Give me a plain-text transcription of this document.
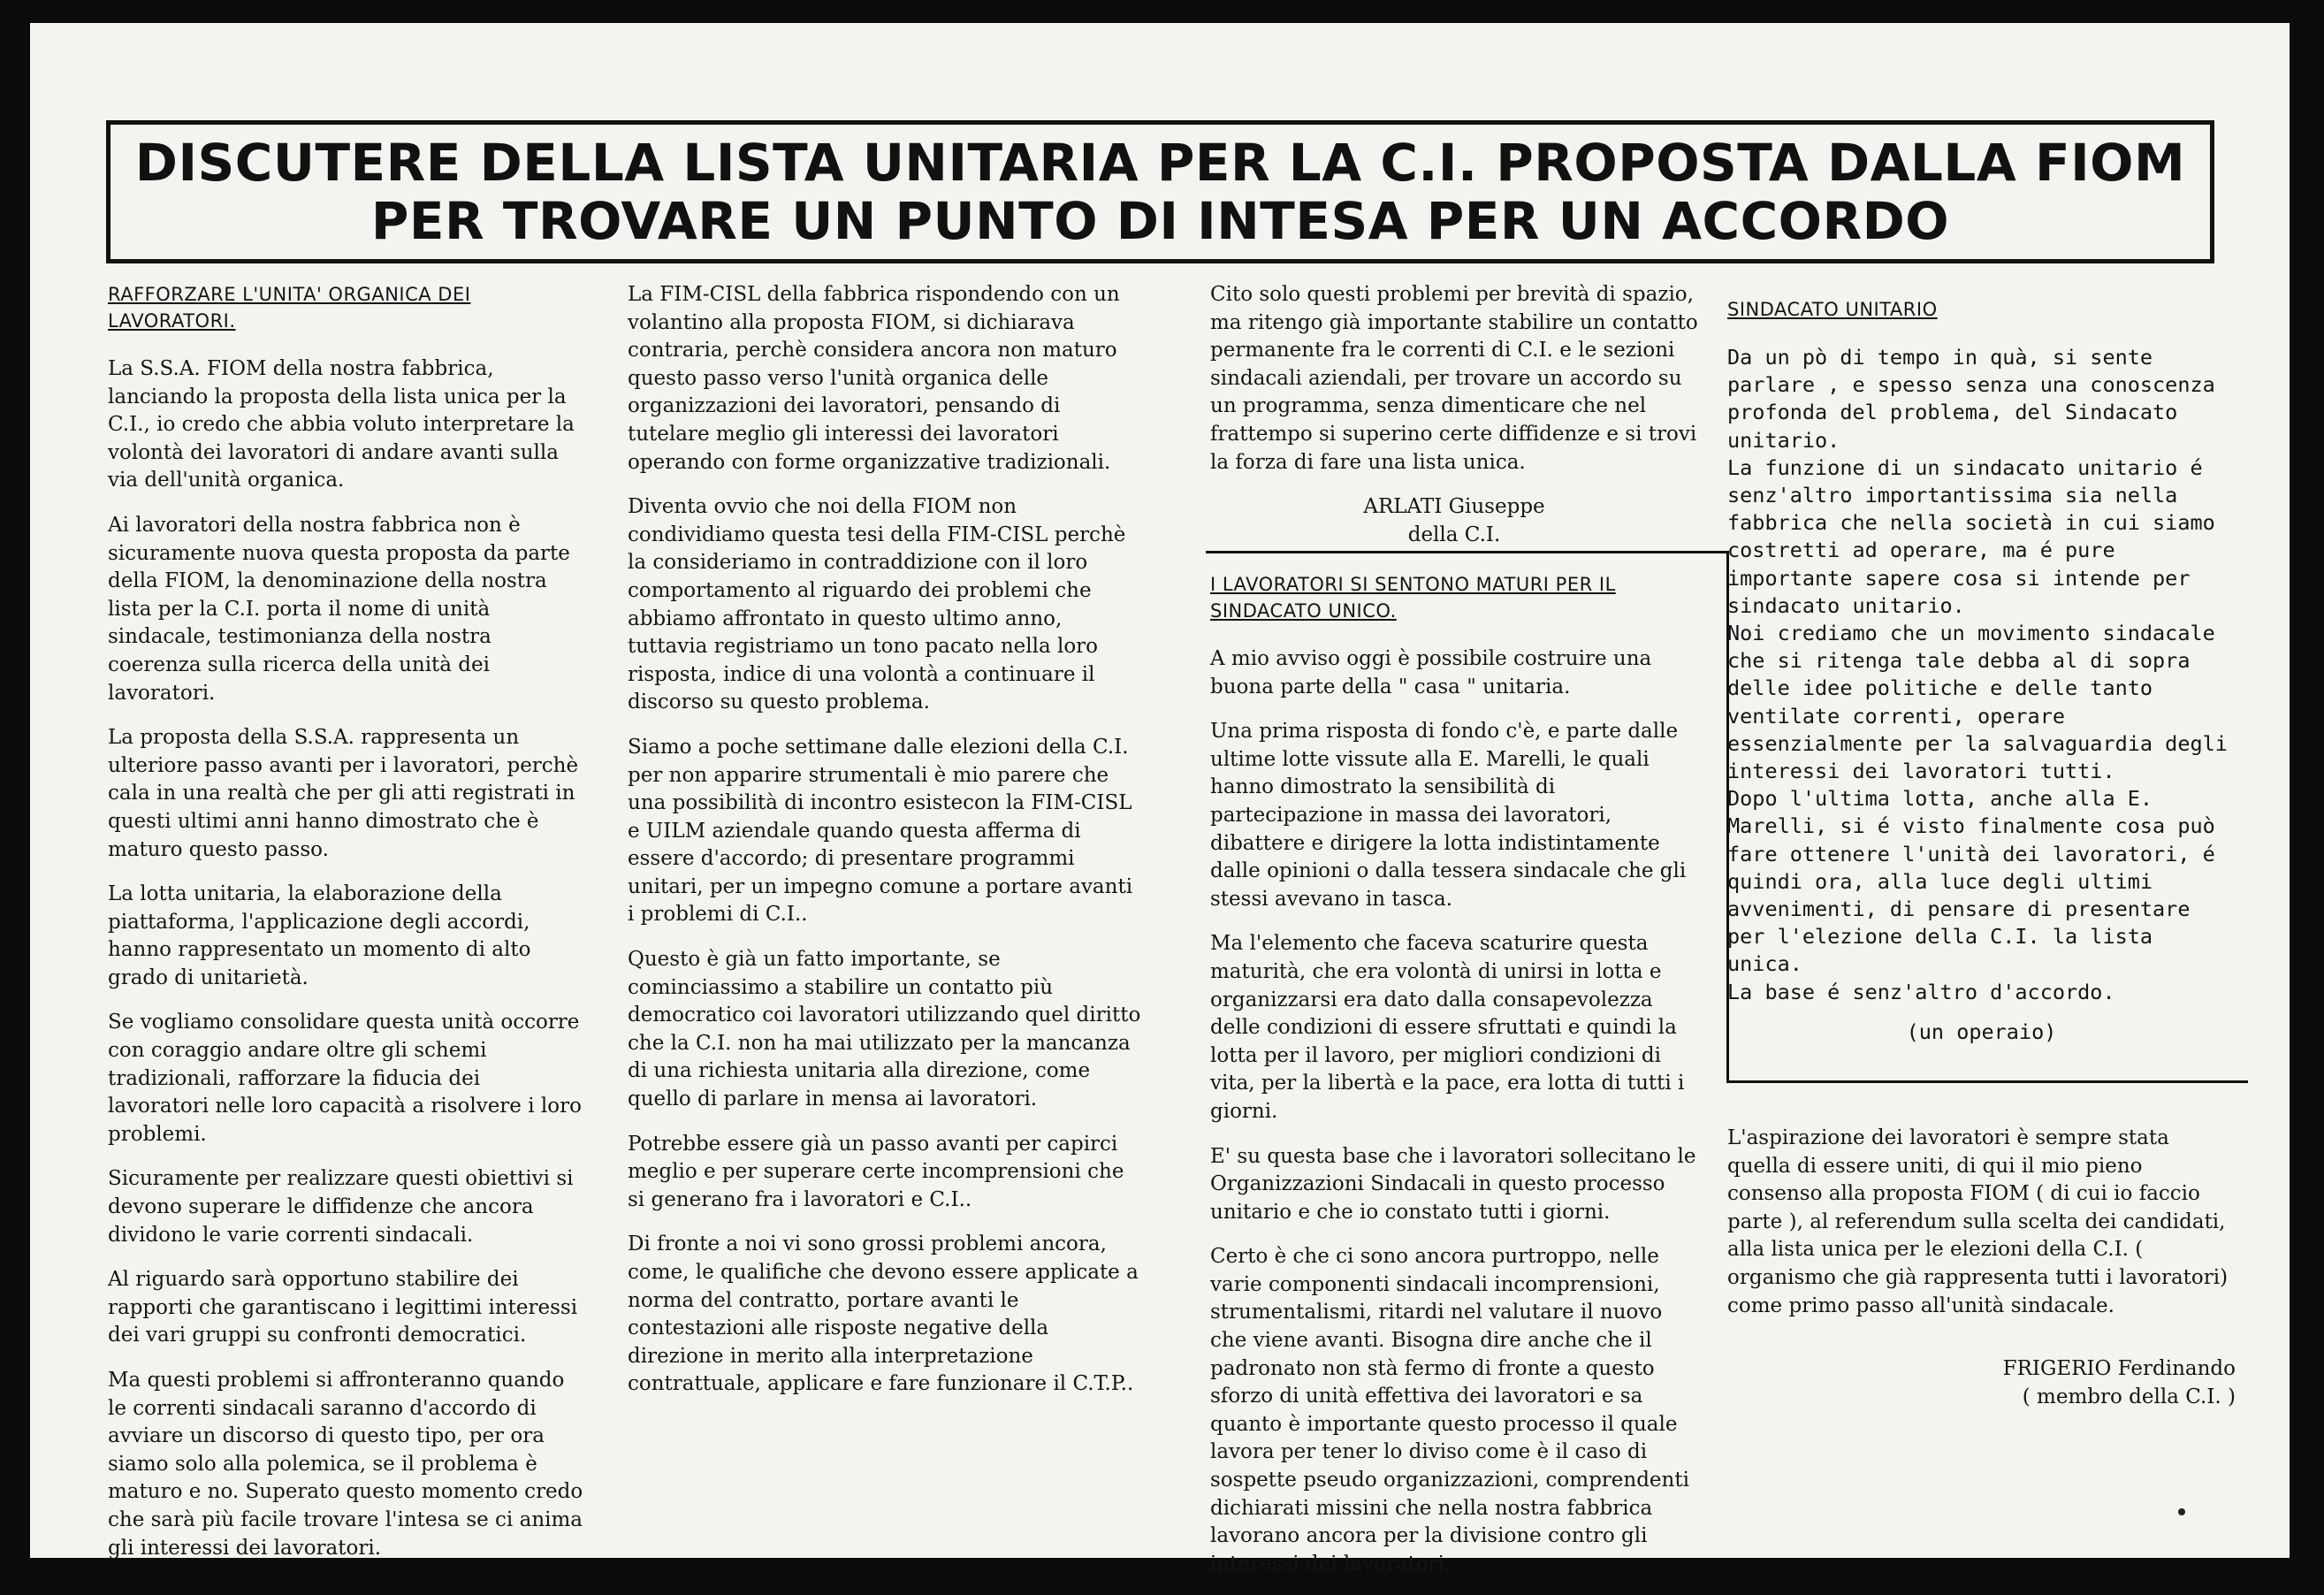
DISCUTERE DELLA LISTA UNITARIA PER LA C.I. PROPOSTA DALLA FIOM
PER TROVARE UN PUNTO DI INTESA PER UN ACCORDO
RAFFORZARE L'UNITA' ORGANICA DEI LAVORATORI.

La S.S.A. FIOM della nostra fabbrica, lanciando la proposta della lista unica per la C.I., io credo che abbia voluto interpretare la volontà dei lavoratori di andare avanti sulla via dell'unità organica.

Ai lavoratori della nostra fabbrica non è sicuramente nuova questa proposta da parte della FIOM, la denominazione della nostra lista per la C.I. porta il nome di unità sindacale, testimonianza della nostra coerenza sulla ricerca della unità dei lavoratori.

La proposta della S.S.A. rappresenta un ulteriore passo avanti per i lavoratori, perchè cala in una realtà che per gli atti registrati in questi ultimi anni hanno dimostrato che è maturo questo passo.

La lotta unitaria, la elaborazione della piattaforma, l'applicazione degli accordi, hanno rappresentato un momento di alto grado di unitarietà.

Se vogliamo consolidare questa unità occorre con coraggio andare oltre gli schemi tradizionali, rafforzare la fiducia dei lavoratori nelle loro capacità a risolvere i loro problemi.

Sicuramente per realizzare questi obiettivi si devono superare le diffidenze che ancora dividono le varie correnti sindacali.

Al riguardo sarà opportuno stabilire dei rapporti che garantiscano i legittimi interessi dei vari gruppi su confronti democratici.

Ma questi problemi si affronteranno quando le correnti sindacali saranno d'accordo di avviare un discorso di questo tipo, per ora siamo solo alla polemica, se il problema è maturo e no. Superato questo momento credo che sarà più facile trovare l'intesa se ci anima gli interessi dei lavoratori.

La FIM-CISL della fabbrica rispondendo con un volantino alla proposta FIOM, si dichiarava contraria, perchè considera ancora non maturo questo passo verso l'unità organica delle organizzazioni dei lavoratori, pensando di tutelare meglio gli interessi dei lavoratori operando con forme organizzative tradizionali.

Diventa ovvio che noi della FIOM non condividiamo questa tesi della FIM-CISL perchè la consideriamo in contraddizione con il loro comportamento al riguardo dei problemi che abbiamo affrontato in questo ultimo anno, tuttavia registriamo un tono pacato nella loro risposta, indice di una volontà a continuare il discorso su questo problema.

Siamo a poche settimane dalle elezioni della C.I. per non apparire strumentali è mio parere che una possibilità di incontro esistecon la FIM-CISL e UILM aziendale quando questa afferma di essere d'accordo; di presentare programmi unitari, per un impegno comune a portare avanti i problemi di C.I..

Questo è già un fatto importante, se cominciassimo a stabilire un contatto più democratico coi lavoratori utilizzando quel diritto che la C.I. non ha mai utilizzato per la mancanza di una richiesta unitaria alla direzione, come quello di parlare in mensa ai lavoratori.

Potrebbe essere già un passo avanti per capirci meglio e per superare certe incomprensioni che si generano fra i lavoratori e C.I..

Di fronte a noi vi sono grossi problemi ancora, come, le qualifiche che devono essere applicate a norma del contratto, portare avanti le contestazioni alle risposte negative della direzione in merito alla interpretazione contrattuale, applicare e fare funzionare il C.T.P..

Cito solo questi problemi per brevità di spazio, ma ritengo già importante stabilire un contatto permanente fra le correnti di C.I. e le sezioni sindacali aziendali, per trovare un accordo su un programma, senza dimenticare che nel frattempo si superino certe diffidenze e si trovi la forza di fare una lista unica.

ARLATI Giuseppe
della C.I.
I LAVORATORI SI SENTONO MATURI PER IL SINDACATO UNICO.

A mio avviso oggi è possibile costruire una buona parte della " casa " unitaria.

Una prima risposta di fondo c'è, e parte dalle ultime lotte vissute alla E. Marelli, le quali hanno dimostrato la sensibilità di partecipazione in massa dei lavoratori, dibattere e dirigere la lotta indistintamente dalle opinioni o dalla tessera sindacale che gli stessi avevano in tasca.

Ma l'elemento che faceva scaturire questa maturità, che era volontà di unirsi in lotta e organizzarsi era dato dalla consapevolezza delle condizioni di essere sfruttati e quindi la lotta per il lavoro, per migliori condizioni di vita, per la libertà e la pace, era lotta di tutti i giorni.

E' su questa base che i lavoratori sollecitano le Organizzazioni Sindacali in questo processo unitario e che io constato tutti i giorni.

Certo è che ci sono ancora purtroppo, nelle varie componenti sindacali incomprensioni, strumentalismi, ritardi nel valutare il nuovo che viene avanti. Bisogna dire anche che il padronato non stà fermo di fronte a questo sforzo di unità effettiva dei lavoratori e sa quanto è importante questo processo il quale lavora per tener lo diviso come è il caso di sospette pseudo organizzazioni, comprendenti dichiarati missini che nella nostra fabbrica lavorano ancora per la divisione contro gli interessi dei lavoratori.

SINDACATO UNITARIO
Da un pò di tempo in quà, si sente parlare , e spesso senza una conoscenza profonda del problema, del Sindacato unitario.
La funzione di un sindacato unitario é senz'altro importantissima sia nella fabbrica che nella società in cui siamo costretti ad operare, ma é pure importante sapere cosa si intende per sindacato unitario.
Noi crediamo che un movimento sindacale che si ritenga tale debba al di sopra delle idee politiche e delle tanto ventilate correnti, operare essenzialmente per la salvaguardia degli interessi dei lavoratori tutti.
Dopo l'ultima lotta, anche alla E. Marelli, si é visto finalmente cosa può fare ottenere l'unità dei lavoratori, é quindi ora, alla luce degli ultimi avvenimenti, di pensare di presentare per l'elezione della C.I. la lista unica.
La base é senz'altro d'accordo.
(un operaio)

L'aspirazione dei lavoratori è sempre stata quella di essere uniti, di qui il mio pieno consenso alla proposta FIOM ( di cui io faccio parte ), al referendum sulla scelta dei candidati, alla lista unica per le elezioni della C.I. ( organismo che già rappresenta tutti i lavoratori) come primo passo all'unità sindacale.

FRIGERIO Ferdinando
( membro della C.I. )
